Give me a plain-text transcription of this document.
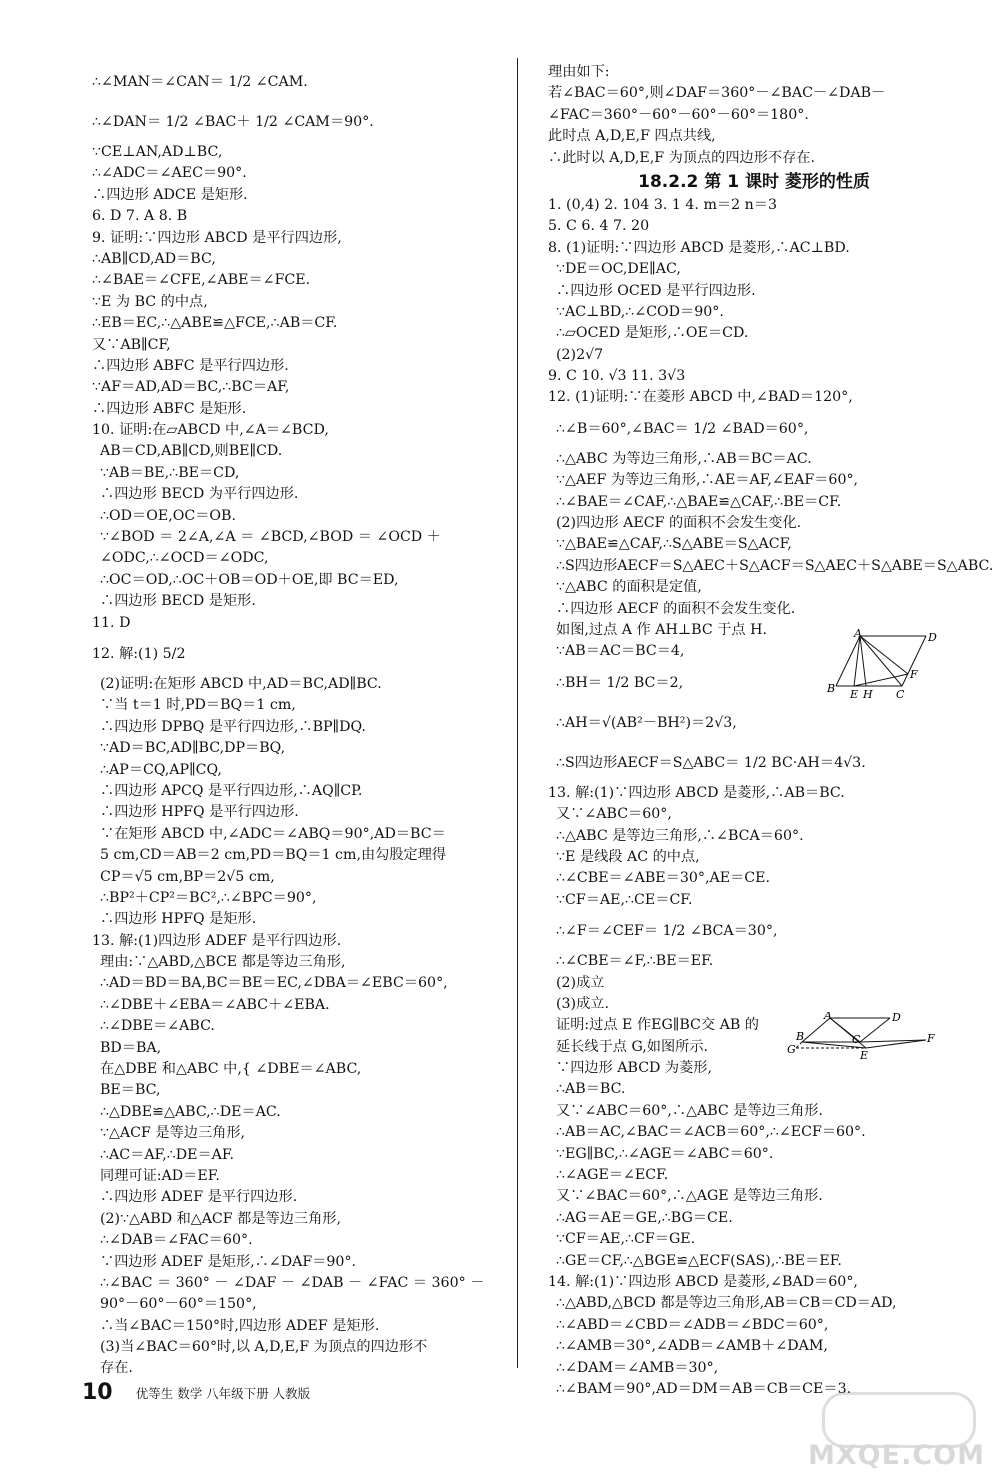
∴∠MAN＝∠CAN＝ 1/2 ∠CAM.
∴∠DAN＝ 1/2 ∠BAC＋ 1/2 ∠CAM＝90°.
∵CE⊥AN,AD⊥BC,
∴∠ADC＝∠AEC＝90°.
∴四边形 ADCE 是矩形.
6. D 7. A 8. B
9. 证明:∵四边形 ABCD 是平行四边形,
∴AB∥CD,AD＝BC,
∴∠BAE＝∠CFE,∠ABE＝∠FCE.
∵E 为 BC 的中点,
∴EB＝EC,∴△ABE≌△FCE,∴AB＝CF.
又∵AB∥CF,
∴四边形 ABFC 是平行四边形.
∵AF＝AD,AD＝BC,∴BC＝AF,
∴四边形 ABFC 是矩形.
10. 证明:在▱ABCD 中,∠A＝∠BCD,
AB＝CD,AB∥CD,则BE∥CD.
∵AB＝BE,∴BE＝CD,
∴四边形 BECD 为平行四边形.
∴OD＝OE,OC＝OB.
∵∠BOD ＝ 2∠A,∠A ＝ ∠BCD,∠BOD ＝ ∠OCD ＋
∠ODC,∴∠OCD＝∠ODC,
∴OC＝OD,∴OC＋OB＝OD＋OE,即 BC＝ED,
∴四边形 BECD 是矩形.
11. D
12. 解:(1) 5/2
(2)证明:在矩形 ABCD 中,AD＝BC,AD∥BC.
∵当 t＝1 时,PD＝BQ＝1 cm,
∴四边形 DPBQ 是平行四边形,∴BP∥DQ.
∵AD＝BC,AD∥BC,DP＝BQ,
∴AP＝CQ,AP∥CQ,
∴四边形 APCQ 是平行四边形,∴AQ∥CP.
∴四边形 HPFQ 是平行四边形.
∵在矩形 ABCD 中,∠ADC＝∠ABQ＝90°,AD＝BC＝
5 cm,CD＝AB＝2 cm,PD＝BQ＝1 cm,由勾股定理得
CP＝√5 cm,BP＝2√5 cm,
∴BP²＋CP²＝BC²,∴∠BPC＝90°,
∴四边形 HPFQ 是矩形.
13. 解:(1)四边形 ADEF 是平行四边形.
理由:∵△ABD,△BCE 都是等边三角形,
∴AD＝BD＝BA,BC＝BE＝EC,∠DBA＝∠EBC＝60°,
∴∠DBE＋∠EBA＝∠ABC＋∠EBA.
∴∠DBE＝∠ABC.
BD＝BA,
在△DBE 和△ABC 中,{ ∠DBE＝∠ABC,
BE＝BC,
∴△DBE≌△ABC,∴DE＝AC.
∵△ACF 是等边三角形,
∴AC＝AF,∴DE＝AF.
同理可证:AD＝EF.
∴四边形 ADEF 是平行四边形.
(2)∵△ABD 和△ACF 都是等边三角形,
∴∠DAB＝∠FAC＝60°.
∵四边形 ADEF 是矩形,∴∠DAF＝90°.
∴∠BAC ＝ 360° － ∠DAF － ∠DAB － ∠FAC ＝ 360° －
90°－60°－60°＝150°,
∴当∠BAC＝150°时,四边形 ADEF 是矩形.
(3)当∠BAC＝60°时,以 A,D,E,F 为顶点的四边形不
存在.
理由如下:
若∠BAC＝60°,则∠DAF＝360°－∠BAC－∠DAB－
∠FAC＝360°－60°－60°－60°＝180°.
此时点 A,D,E,F 四点共线,
∴此时以 A,D,E,F 为顶点的四边形不存在.
18.2.2 第 1 课时 菱形的性质
1. (0,4) 2. 104 3. 1 4. m＝2 n＝3
5. C 6. 4 7. 20
8. (1)证明:∵四边形 ABCD 是菱形,∴AC⊥BD.
∵DE＝OC,DE∥AC,
∴四边形 OCED 是平行四边形.
∵AC⊥BD,∴∠COD＝90°.
∴▱OCED 是矩形,∴OE＝CD.
(2)2√7
9. C 10. √3 11. 3√3
12. (1)证明:∵在菱形 ABCD 中,∠BAD＝120°,
∴∠B＝60°,∠BAC＝ 1/2 ∠BAD＝60°,
∴△ABC 为等边三角形,∴AB＝BC＝AC.
∵△AEF 为等边三角形,∴AE＝AF,∠EAF＝60°,
∴∠BAE＝∠CAF,∴△BAE≌△CAF,∴BE＝CF.
(2)四边形 AECF 的面积不会发生变化.
∵△BAE≌△CAF,∴S△ABE＝S△ACF,
∴S四边形AECF＝S△AEC＋S△ACF＝S△AEC＋S△ABE＝S△ABC.
∵△ABC 的面积是定值,
∴四边形 AECF 的面积不会发生变化.
如图,过点 A 作 AH⊥BC 于点 H.
∵AB＝AC＝BC＝4,
∴BH＝ 1/2 BC＝2,
∴AH＝√(AB²－BH²)＝2√3,
∴S四边形AECF＝S△ABC＝ 1/2 BC·AH＝4√3.
13. 解:(1)∵四边形 ABCD 是菱形,∴AB＝BC.
又∵∠ABC＝60°,
∴△ABC 是等边三角形,∴∠BCA＝60°.
∵E 是线段 AC 的中点,
∴∠CBE＝∠ABE＝30°,AE＝CE.
∵CF＝AE,∴CE＝CF.
∴∠F＝∠CEF＝ 1/2 ∠BCA＝30°,
∴∠CBE＝∠F,∴BE＝EF.
(2)成立
(3)成立.
证明:过点 E 作EG∥BC交 AB 的
延长线于点 G,如图所示.
∵四边形 ABCD 为菱形,
∴AB＝BC.
又∵∠ABC＝60°,∴△ABC 是等边三角形.
∴AB＝AC,∠BAC＝∠ACB＝60°,∴∠ECF＝60°.
∵EG∥BC,∴∠AGE＝∠ABC＝60°.
∴∠AGE＝∠ECF.
又∵∠BAC＝60°,∴△AGE 是等边三角形.
∴AG＝AE＝GE,∴BG＝CE.
∵CF＝AE,∴CF＝GE.
∴GE＝CF,∴△BGE≌△ECF(SAS),∴BE＝EF.
14. 解:(1)∵四边形 ABCD 是菱形,∠BAD＝60°,
∴△ABD,△BCD 都是等边三角形,AB＝CB＝CD＝AD,
∴∠ABD＝∠CBD＝∠ADB＝∠BDC＝60°,
∴∠AMB＝30°,∠ADB＝∠AMB＋∠DAM,
∴∠DAM＝∠AMB＝30°,
∴∠BAM＝90°,AD＝DM＝AB＝CB＝CE＝3.
A	D
B E H C
F
A	D
B
G
C
E
F
10 优等生 数学 八年级下册 人教版
MXQE.COM
